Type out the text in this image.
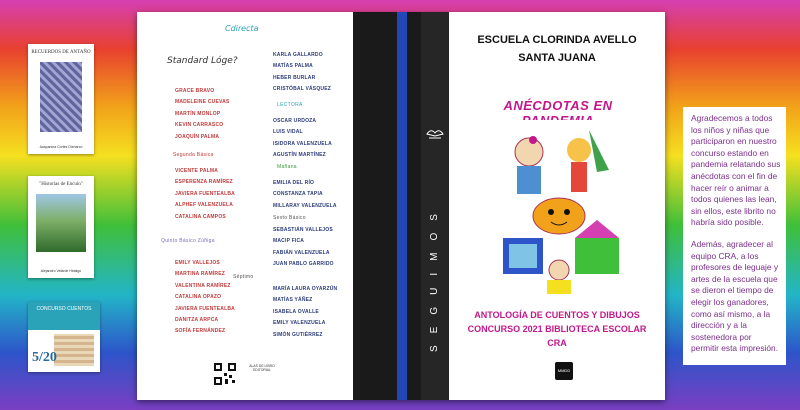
RECUERDOS DE ANTAÑO
Acapanina Cortés Dienarcó
"Historias de Encuín"
Alejandro Velarde Hidalgo
CONCURSO CUENTOS
5/20
Cdirecta
Standard Lóge?
GRACE BRAVO
MADELEINE CUEVAS
MARTÍN MONLOP
KEVIN CARRASCO
JOAQUÍN PALMA
Segunda Básica
VICENTE PALMA
ESPERENZA RAMÍREZ
JAVIERA FUENTEALBA
ALPHEF VALENZUELA
CATALINA CAMPOS
Quinto Básico Zúñiga
EMILY VALLEJOS
MARTINA RAMÍREZ
VALENTINA RAMÍREZ
CATALINA OPAZO
JAVIERA FUENTEALBA
DANITZA ARPCA
SOFÍA FERNÁNDEZ
KARLA GALLARDO
MATÍAS PALMA
HEBER BURLAR
CRISTÓBAL VÁSQUEZ
LECTORA
OSCAR URDOZA
LUIS VIDAL
ISIDORA VALENZUELA
AGUSTÍN MARTÍNEZ
Mañana
EMILIA DEL RÍO
CONSTANZA TAPIA
MILLARAY VALENZUELA
Sexto Básico
SEBASTIÁN VALLEJOS
MACIP FICA
FABIÁN VALENZUELA
JUAN PABLO GARRIDO
Séptimo
MARÍA LAURA OYARZÚN
MATÍAS YÁÑEZ
ISABELA OVALLE
EMILY VALENZUELA
SIMÓN GUTIÉRREZ
ALAS DE LIBRO EDITORIAL
SEGUIMOS
ESCUELA CLORINDA AVELLO
SANTA JUANA
ANÉCDOTAS EN
ANTOLOGÍA DE CUENTOS Y DIBUJOS
CONCURSO 2021 BIBLIOTECA ESCOLAR
CRA
MMDD

Agradecemos a todos los niños y niñas que participaron en nuestro concurso estando en pandemia relatando sus anécdotas con el fin de hacer reír o animar a todos quienes las lean, sin ellos, este librito no habría sido posible.

Además, agradecer al equipo CRA, a los profesores de leguaje y artes de la escuela que se dieron el tiempo de elegir los ganadores, como así mismo, a la dirección y a la sostenedora por permitir esta impresión.
